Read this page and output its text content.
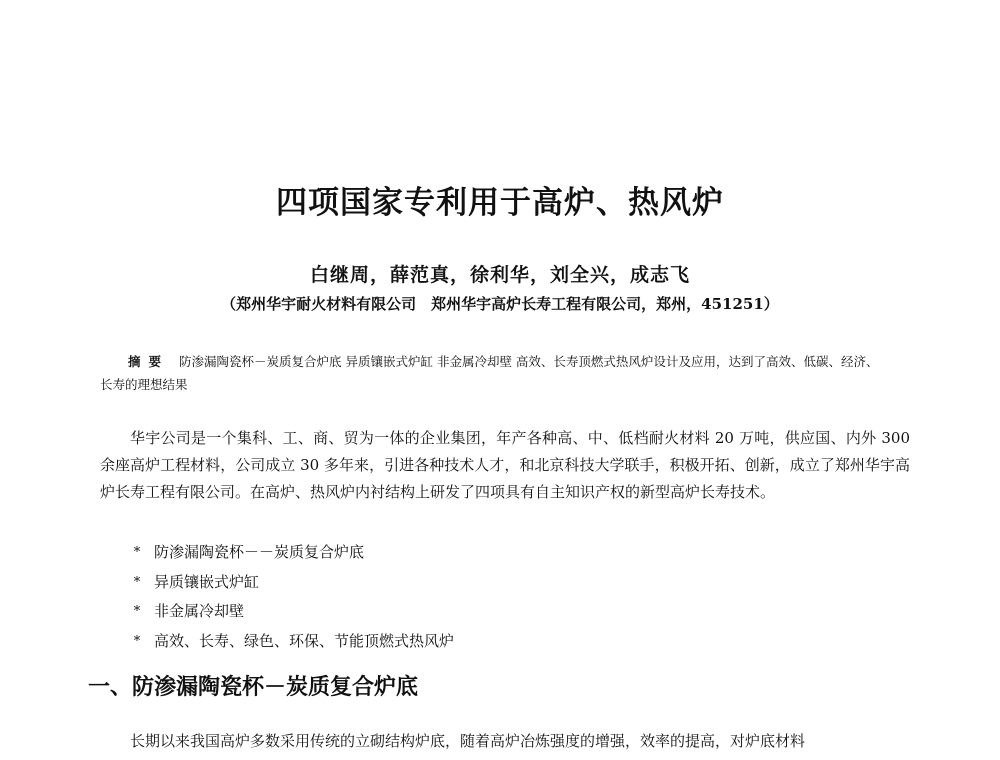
四项国家专利用于高炉、热风炉
白继周，薛范真，徐利华，刘全兴，成志飞
（郑州华宇耐火材料有限公司　郑州华宇高炉长寿工程有限公司，郑州，451251）
摘要 防渗漏陶瓷杯－炭质复合炉底 异质镶嵌式炉缸 非金属冷却壁 高效、长寿顶燃式热风炉设计及应用，达到了高效、低碳、经济、长寿的理想结果
华宇公司是一个集科、工、商、贸为一体的企业集团，年产各种高、中、低档耐火材料 20 万吨，供应国、内外 300 余座高炉工程材料，公司成立 30 多年来，引进各种技术人才，和北京科技大学联手，积极开拓、创新，成立了郑州华宇高炉长寿工程有限公司。在高炉、热风炉内衬结构上研发了四项具有自主知识产权的新型高炉长寿技术。
* 防渗漏陶瓷杯－－炭质复合炉底
* 异质镶嵌式炉缸
* 非金属冷却壁
* 高效、长寿、绿色、环保、节能顶燃式热风炉
一、防渗漏陶瓷杯－炭质复合炉底
长期以来我国高炉多数采用传统的立砌结构炉底，随着高炉冶炼强度的增强，效率的提高，对炉底材料
